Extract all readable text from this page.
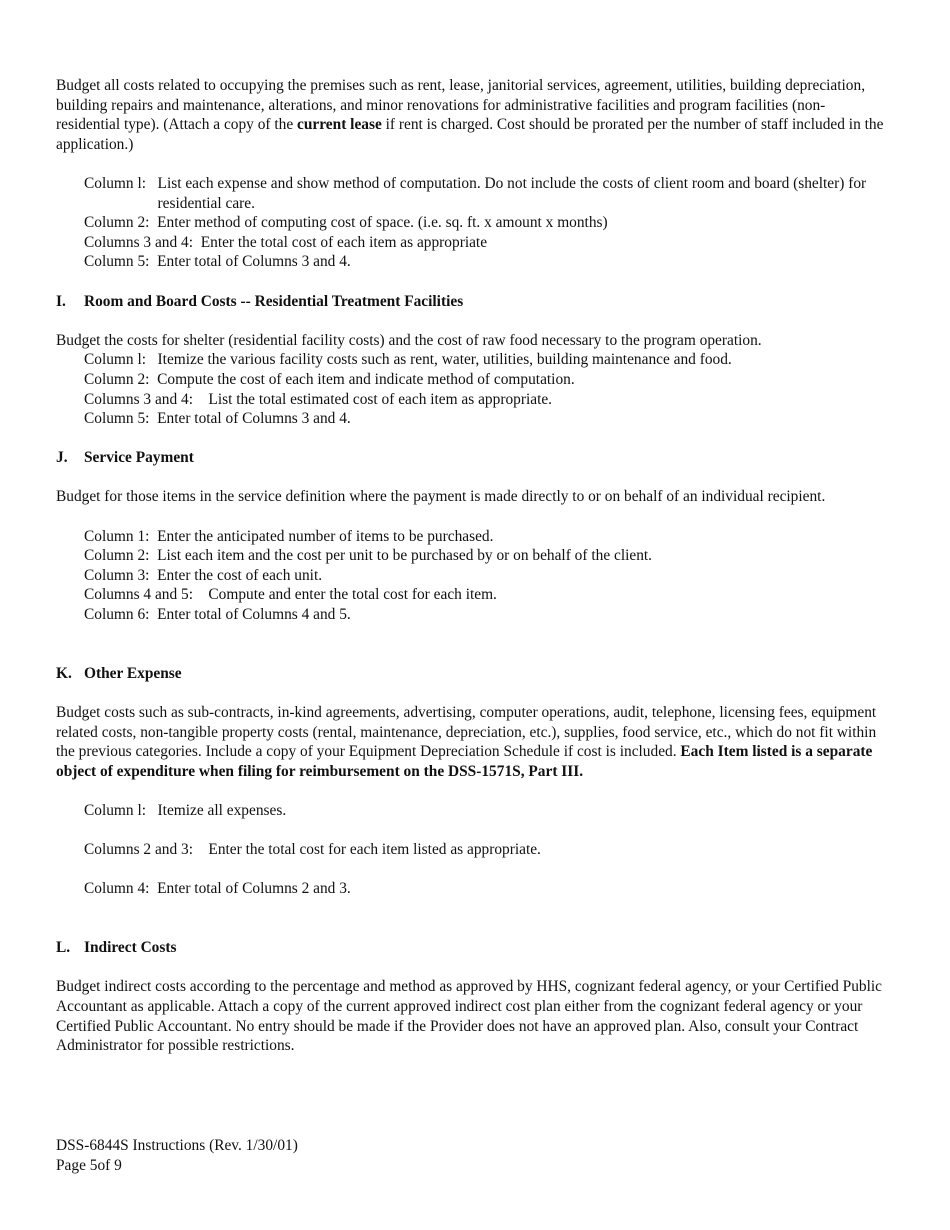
Budget all costs related to occupying the premises such as rent, lease, janitorial services, agreement, utilities, building depreciation, building repairs and maintenance, alterations, and minor renovations for administrative facilities and program facilities (non-residential type). (Attach a copy of the current lease if rent is charged. Cost should be prorated per the number of staff included in the application.)

Column l: List each expense and show method of computation. Do not include the costs of client room and board (shelter) for residential care.
Column 2: Enter method of computing cost of space. (i.e. sq. ft. x amount x months)
Columns 3 and 4: Enter the total cost of each item as appropriate
Column 5: Enter total of Columns 3 and 4.
I.	Room and Board Costs -- Residential Treatment Facilities

Budget the costs for shelter (residential facility costs) and the cost of raw food necessary to the program operation.

Column l: Itemize the various facility costs such as rent, water, utilities, building maintenance and food.
Column 2: Compute the cost of each item and indicate method of computation.
Columns 3 and 4: List the total estimated cost of each item as appropriate.
Column 5: Enter total of Columns 3 and 4.
J.	Service Payment

Budget for those items in the service definition where the payment is made directly to or on behalf of an individual recipient.

Column 1: Enter the anticipated number of items to be purchased.
Column 2: List each item and the cost per unit to be purchased by or on behalf of the client.
Column 3: Enter the cost of each unit.
Columns 4 and 5: Compute and enter the total cost for each item.
Column 6: Enter total of Columns 4 and 5.
K. Other Expense

Budget costs such as sub-contracts, in-kind agreements, advertising, computer operations, audit, telephone, licensing fees, equipment related costs, non-tangible property costs (rental, maintenance, depreciation, etc.), supplies, food service, etc., which do not fit within the previous categories. Include a copy of your Equipment Depreciation Schedule if cost is included. Each Item listed is a separate object of expenditure when filing for reimbursement on the DSS-1571S, Part III.

Column l: Itemize all expenses.
Columns 2 and 3: Enter the total cost for each item listed as appropriate.
Column 4: Enter total of Columns 2 and 3.
L. Indirect Costs

Budget indirect costs according to the percentage and method as approved by HHS, cognizant federal agency, or your Certified Public Accountant as applicable. Attach a copy of the current approved indirect cost plan either from the cognizant federal agency or your Certified Public Accountant. No entry should be made if the Provider does not have an approved plan. Also, consult your Contract Administrator for possible restrictions.

DSS-6844S Instructions (Rev. 1/30/01)
Page 5of 9
